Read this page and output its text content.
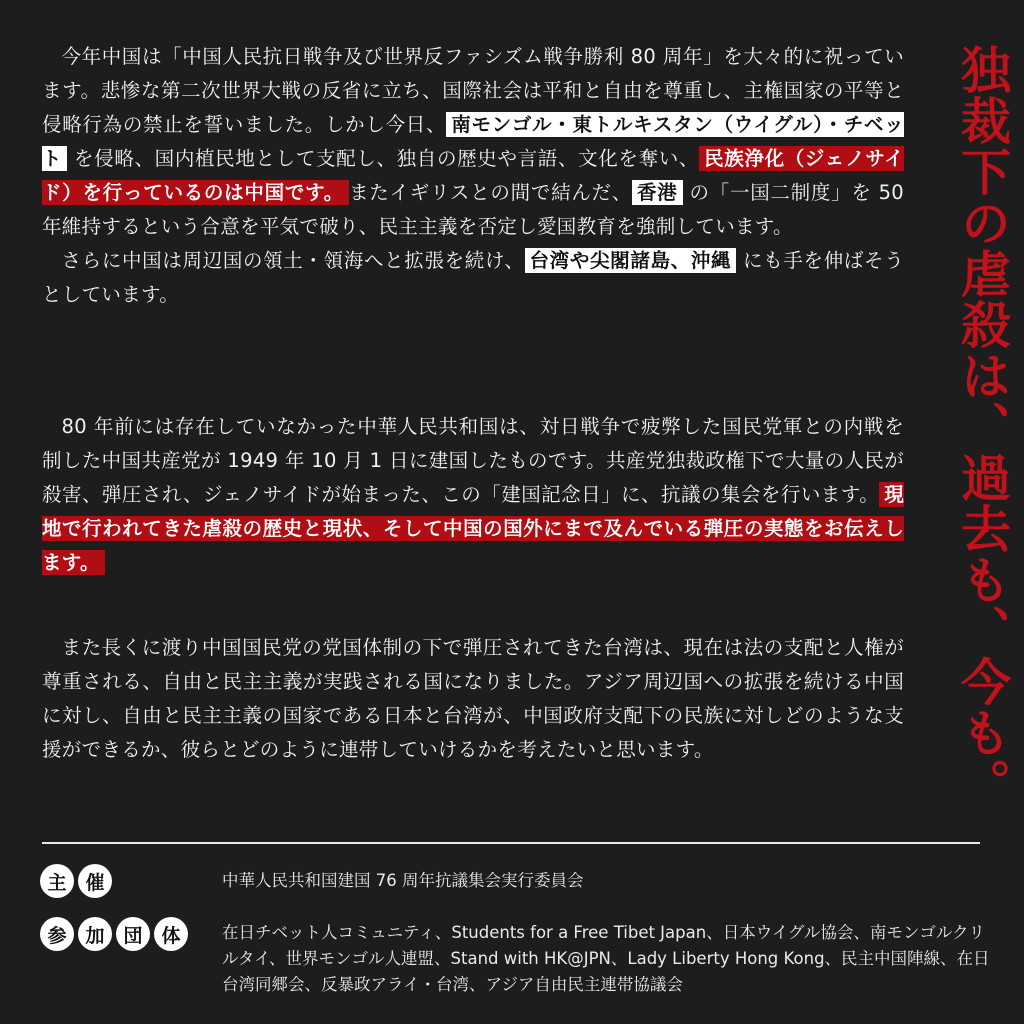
今年中国は「中国人民抗日戦争及び世界反ファシズム戦争勝利 80 周年」を大々的に祝っています。悲惨な第二次世界大戦の反省に立ち、国際社会は平和と自由を尊重し、主権国家の平等と侵略行為の禁止を誓いました。しかし今日、 南モンゴル・東トルキスタン（ウイグル）・チベット を侵略、国内植民地として支配し、独自の歴史や言語、文化を奪い、 民族浄化（ジェノサイド）を行っているのは中国です。 またイギリスとの間で結んだ、 香港 の「一国二制度」を 50 年維持するという合意を平気で破り、民主主義を否定し愛国教育を強制しています。

さらに中国は周辺国の領土・領海へと拡張を続け、 台湾や尖閣諸島、沖縄 にも手を伸ばそうとしています。

80 年前には存在していなかった中華人民共和国は、対日戦争で疲弊した国民党軍との内戦を制した中国共産党が 1949 年 10 月 1 日に建国したものです。共産党独裁政権下で大量の人民が殺害、弾圧され、ジェノサイドが始まった、この「建国記念日」に、抗議の集会を行います。 現地で行われてきた虐殺の歴史と現状、そして中国の国外にまで及んでいる弾圧の実態をお伝えします。

また長くに渡り中国国民党の党国体制の下で弾圧されてきた台湾は、現在は法の支配と人権が尊重される、自由と民主主義が実践される国になりました。アジア周辺国への拡張を続ける中国に対し、自由と民主主義の国家である日本と台湾が、中国政府支配下の民族に対しどのような支援ができるか、彼らとどのように連帯していけるかを考えたいと思います。	独裁下の虐殺は、過去も、今も。
主 催	中華人民共和国建国 76 周年抗議集会実行委員会
参 加 団 体	在日チベット人コミュニティ、Students for a Free Tibet Japan、日本ウイグル協会、南モンゴルクリルタイ、世界モンゴル人連盟、Stand with HK@JPN、Lady Liberty Hong Kong、民主中国陣線、在日台湾同郷会、反暴政アライ・台湾、アジア自由民主連帯協議会
